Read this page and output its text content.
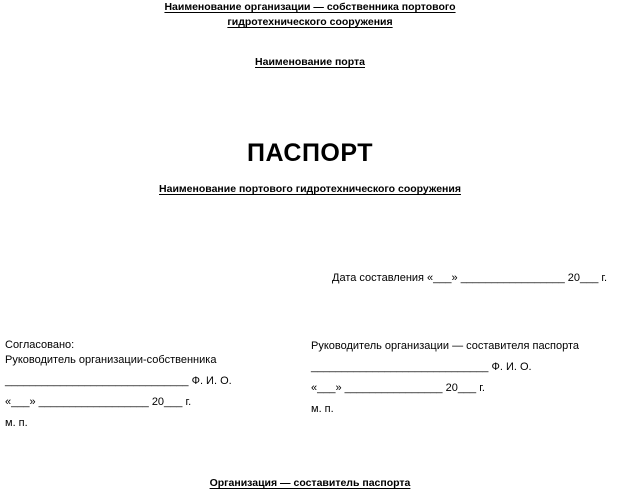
Наименование организации — собственника портового
гидротехнического сооружения
Наименование порта
ПАСПОРТ
Наименование портового гидротехнического сооружения
Дата составления «___» _________________ 20___ г.
Согласовано:
Руководитель организации-собственника
______________________________ Ф. И. О.
«___» __________________ 20___ г.
м. п.
Руководитель организации — составителя паспорта
_____________________________ Ф. И. О.
«___» ________________ 20___ г.
м. п.
Организация — составитель паспорта
